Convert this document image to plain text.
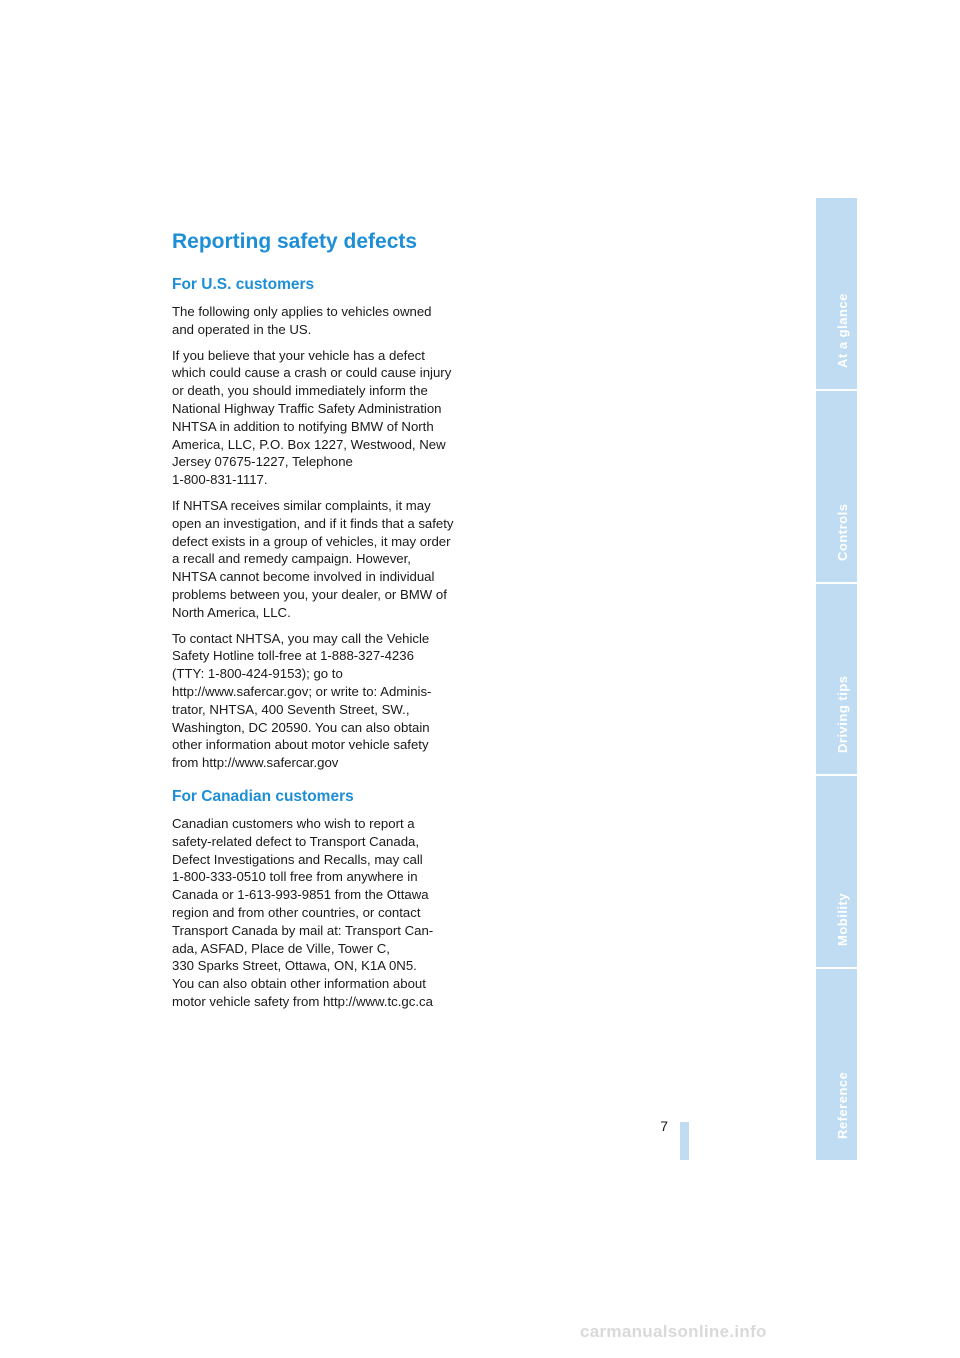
Reporting safety defects
For U.S. customers

The following only applies to vehicles owned
and operated in the US.

If you believe that your vehicle has a defect
which could cause a crash or could cause injury
or death, you should immediately inform the
National Highway Traffic Safety Administration
NHTSA in addition to notifying BMW of North
America, LLC, P.O. Box 1227, Westwood, New
Jersey 07675-1227, Telephone
1-800-831-1117.

If NHTSA receives similar complaints, it may
open an investigation, and if it finds that a safety
defect exists in a group of vehicles, it may order
a recall and remedy campaign. However,
NHTSA cannot become involved in individual
problems between you, your dealer, or BMW of
North America, LLC.

To contact NHTSA, you may call the Vehicle
Safety Hotline toll-free at 1-888-327-4236
(TTY: 1-800-424-9153); go to
http://www.safercar.gov; or write to: Adminis-
trator, NHTSA, 400 Seventh Street, SW.,
Washington, DC 20590. You can also obtain
other information about motor vehicle safety
from http://www.safercar.gov

For Canadian customers

Canadian customers who wish to report a
safety-related defect to Transport Canada,
Defect Investigations and Recalls, may call
1-800-333-0510 toll free from anywhere in
Canada or 1-613-993-9851 from the Ottawa
region and from other countries, or contact
Transport Canada by mail at: Transport Can-
ada, ASFAD, Place de Ville, Tower C,
330 Sparks Street, Ottawa, ON, K1A 0N5.
You can also obtain other information about
motor vehicle safety from http://www.tc.gc.ca

At a glance
Controls
Driving tips
Mobility
Reference
7
carmanualsonline.info
